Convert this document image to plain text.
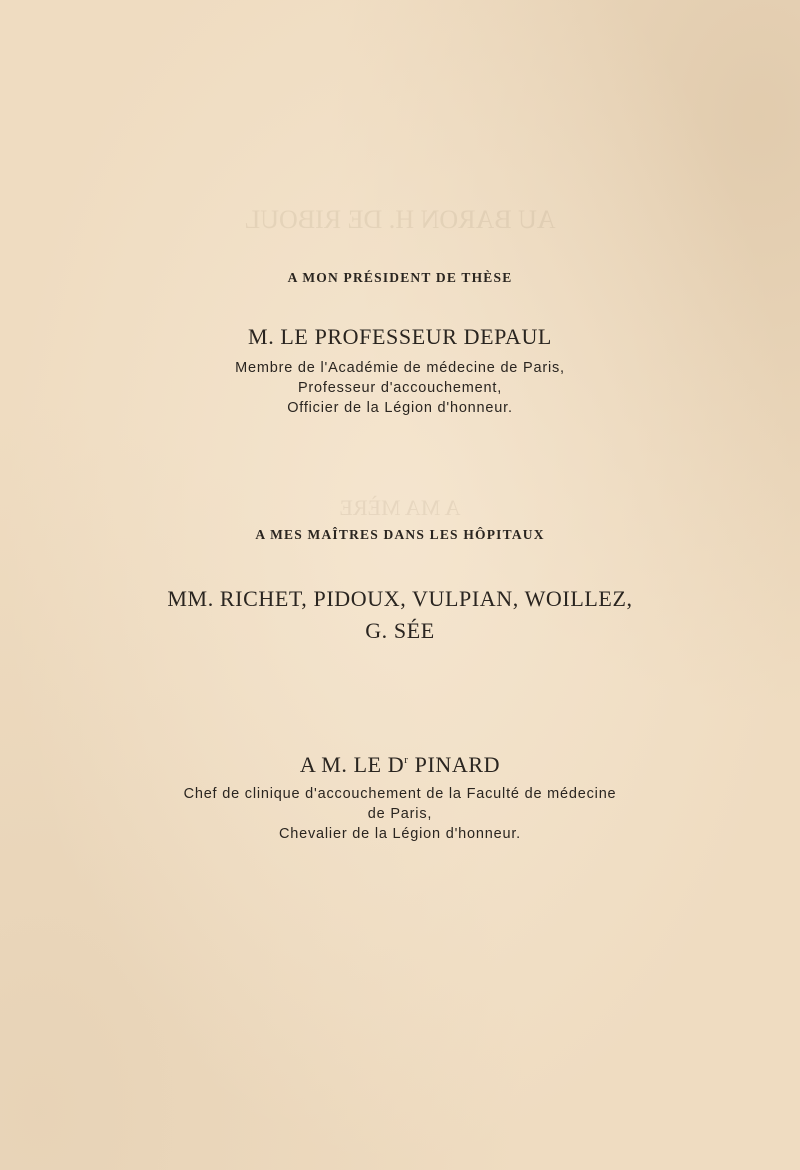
AU BARON H. DE RIBOUL
A MA MÈRE
A MON PRÉSIDENT DE THÈSE
M. LE PROFESSEUR DEPAUL
Membre de l'Académie de médecine de Paris,
Professeur d'accouchement,
Officier de la Légion d'honneur.
A MES MAÎTRES DANS LES HÔPITAUX
MM. RICHET, PIDOUX, VULPIAN, WOILLEZ,
G. SÉE
A M. LE $D^r$ PINARD
Chef de clinique d'accouchement de la Faculté de médecine
de Paris,
Chevalier de la Légion d'honneur.
